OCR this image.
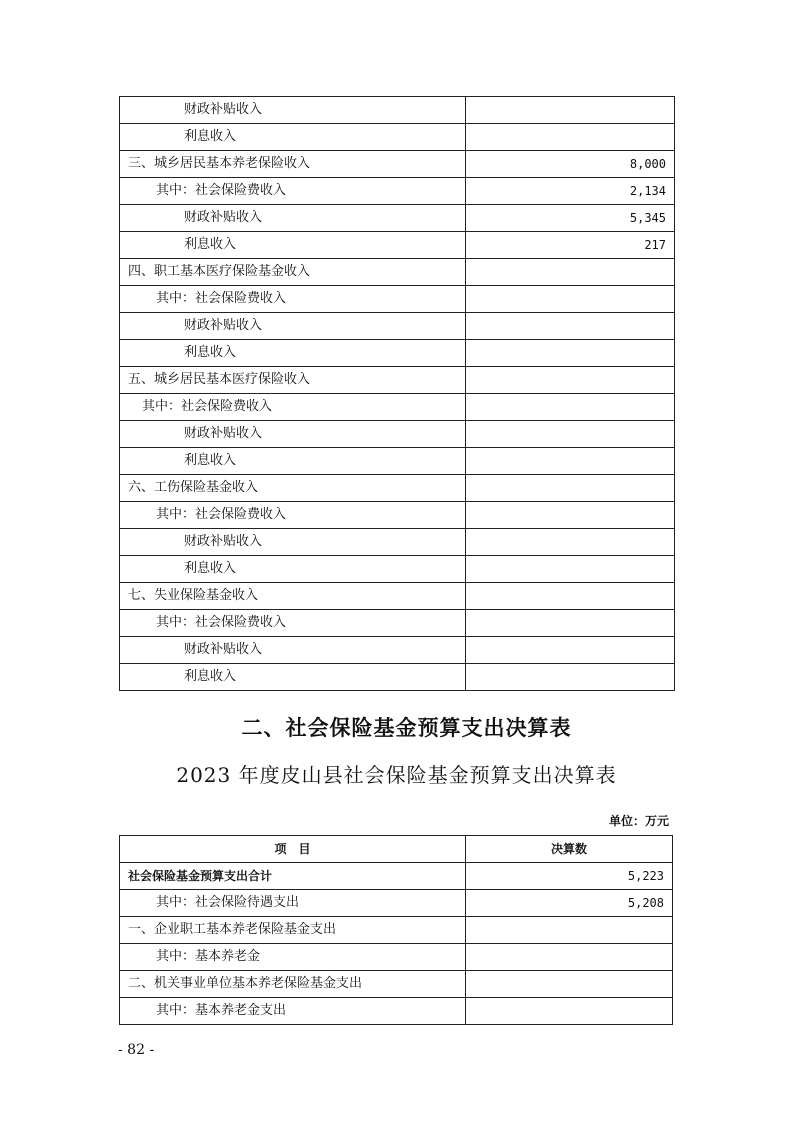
财政补贴收入	
利息收入	
三、城乡居民基本养老保险收入	8,000
其中：社会保险费收入	2,134
财政补贴收入	5,345
利息收入	217
四、职工基本医疗保险基金收入	
其中：社会保险费收入	
财政补贴收入	
利息收入	
五、城乡居民基本医疗保险收入	
其中：社会保险费收入	
财政补贴收入	
利息收入	
六、工伤保险基金收入	
其中：社会保险费收入	
财政补贴收入	
利息收入	
七、失业保险基金收入	
其中：社会保险费收入	
财政补贴收入	
利息收入	
二、社会保险基金预算支出决算表
2023 年度皮山县社会保险基金预算支出决算表
单位：万元
项　目	决算数
社会保险基金预算支出合计	5,223
其中：社会保险待遇支出	5,208
一、企业职工基本养老保险基金支出	
其中：基本养老金	
二、机关事业单位基本养老保险基金支出	
其中：基本养老金支出	
- 82 -
